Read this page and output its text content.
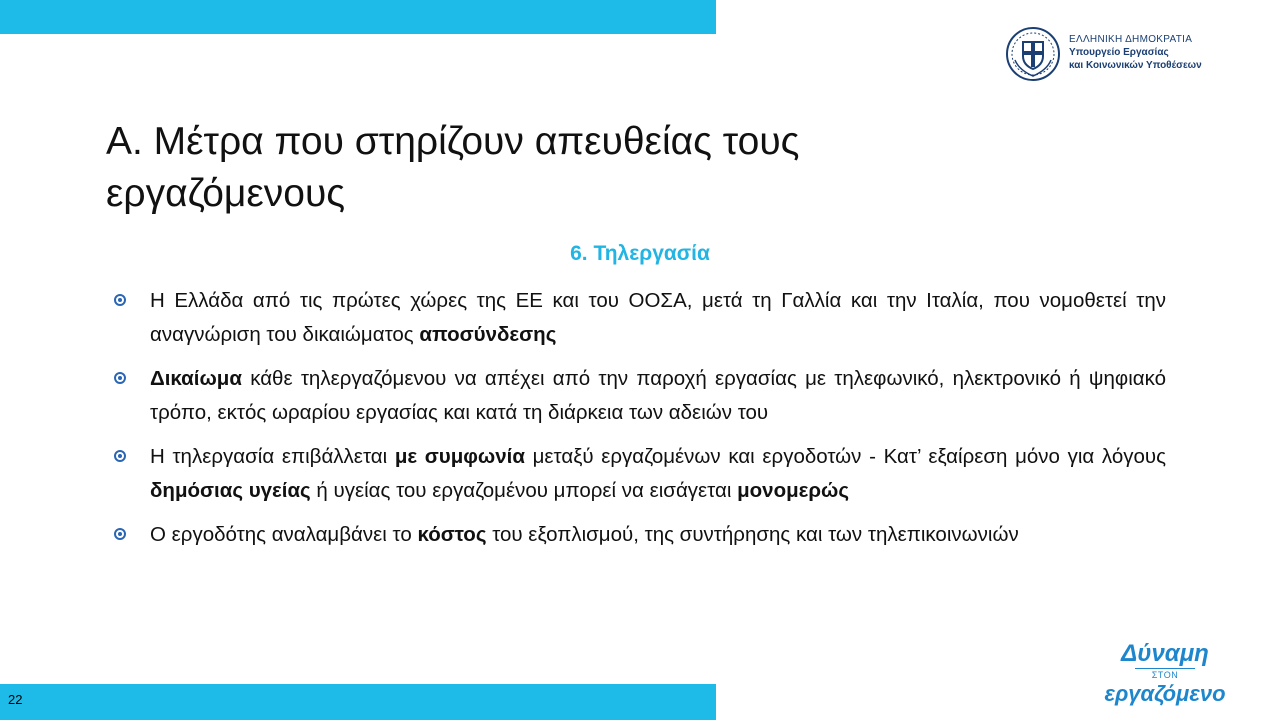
ΕΛΛΗΝΙΚΗ ΔΗΜΟΚΡΑΤΙΑ
Υπουργείο Εργασίας
και Κοινωνικών Υποθέσεων
Α. Μέτρα που στηρίζουν απευθείας τους εργαζόμενους
6. Τηλεργασία
Η Ελλάδα από τις πρώτες χώρες της ΕΕ και του ΟΟΣΑ, μετά τη Γαλλία και την Ιταλία, που νομοθετεί την αναγνώριση του δικαιώματος αποσύνδεσης
Δικαίωμα κάθε τηλεργαζόμενου να απέχει από την παροχή εργασίας με τηλεφωνικό, ηλεκτρονικό ή ψηφιακό τρόπο, εκτός ωραρίου εργασίας και κατά τη διάρκεια των αδειών του
Η τηλεργασία επιβάλλεται με συμφωνία μεταξύ εργαζομένων και εργοδοτών - Κατ’ εξαίρεση μόνο για λόγους δημόσιας υγείας ή υγείας του εργαζομένου μπορεί να εισάγεται μονομερώς
Ο εργοδότης αναλαμβάνει το κόστος του εξοπλισμού, της συντήρησης και των τηλεπικοινωνιών
22
Δύναμη
ΣΤΟΝ
εργαζόμενο
